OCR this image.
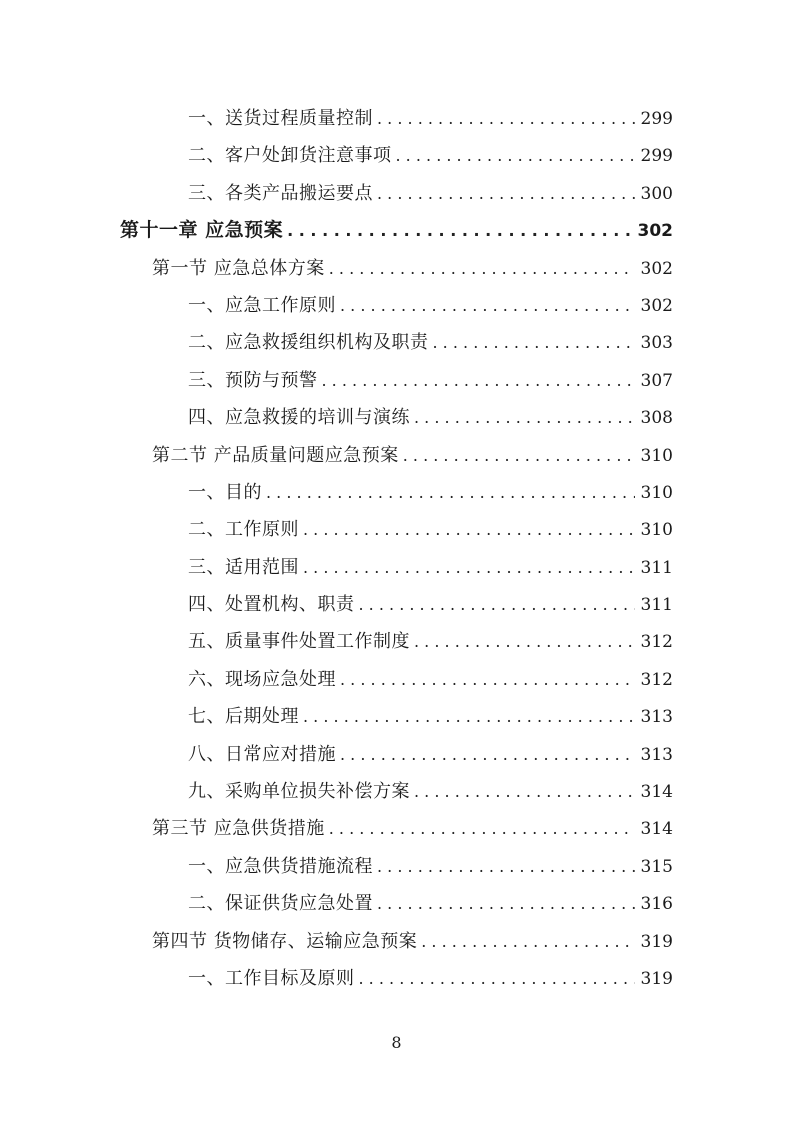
一、送货过程质量控制 . . .	299
二、客户处卸货注意事项 . . .	299
三、各类产品搬运要点 . . .	300
第十一章 应急预案 . . .	302
第一节 应急总体方案 . . .	302
一、应急工作原则 . . .	302
二、应急救援组织机构及职责 . . .	303
三、预防与预警 . . .	307
四、应急救援的培训与演练 . . .	308
第二节 产品质量问题应急预案 . . .	310
一、目的 . . .	310
二、工作原则 . . .	310
三、适用范围 . . .	311
四、处置机构、职责 . . .	311
五、质量事件处置工作制度 . . .	312
六、现场应急处理 . . .	312
七、后期处理 . . .	313
八、日常应对措施 . . .	313
九、采购单位损失补偿方案 . . .	314
第三节 应急供货措施 . . .	314
一、应急供货措施流程 . . .	315
二、保证供货应急处置 . . .	316
第四节 货物储存、运输应急预案 . . .	319
一、工作目标及原则 . . .	319
8
